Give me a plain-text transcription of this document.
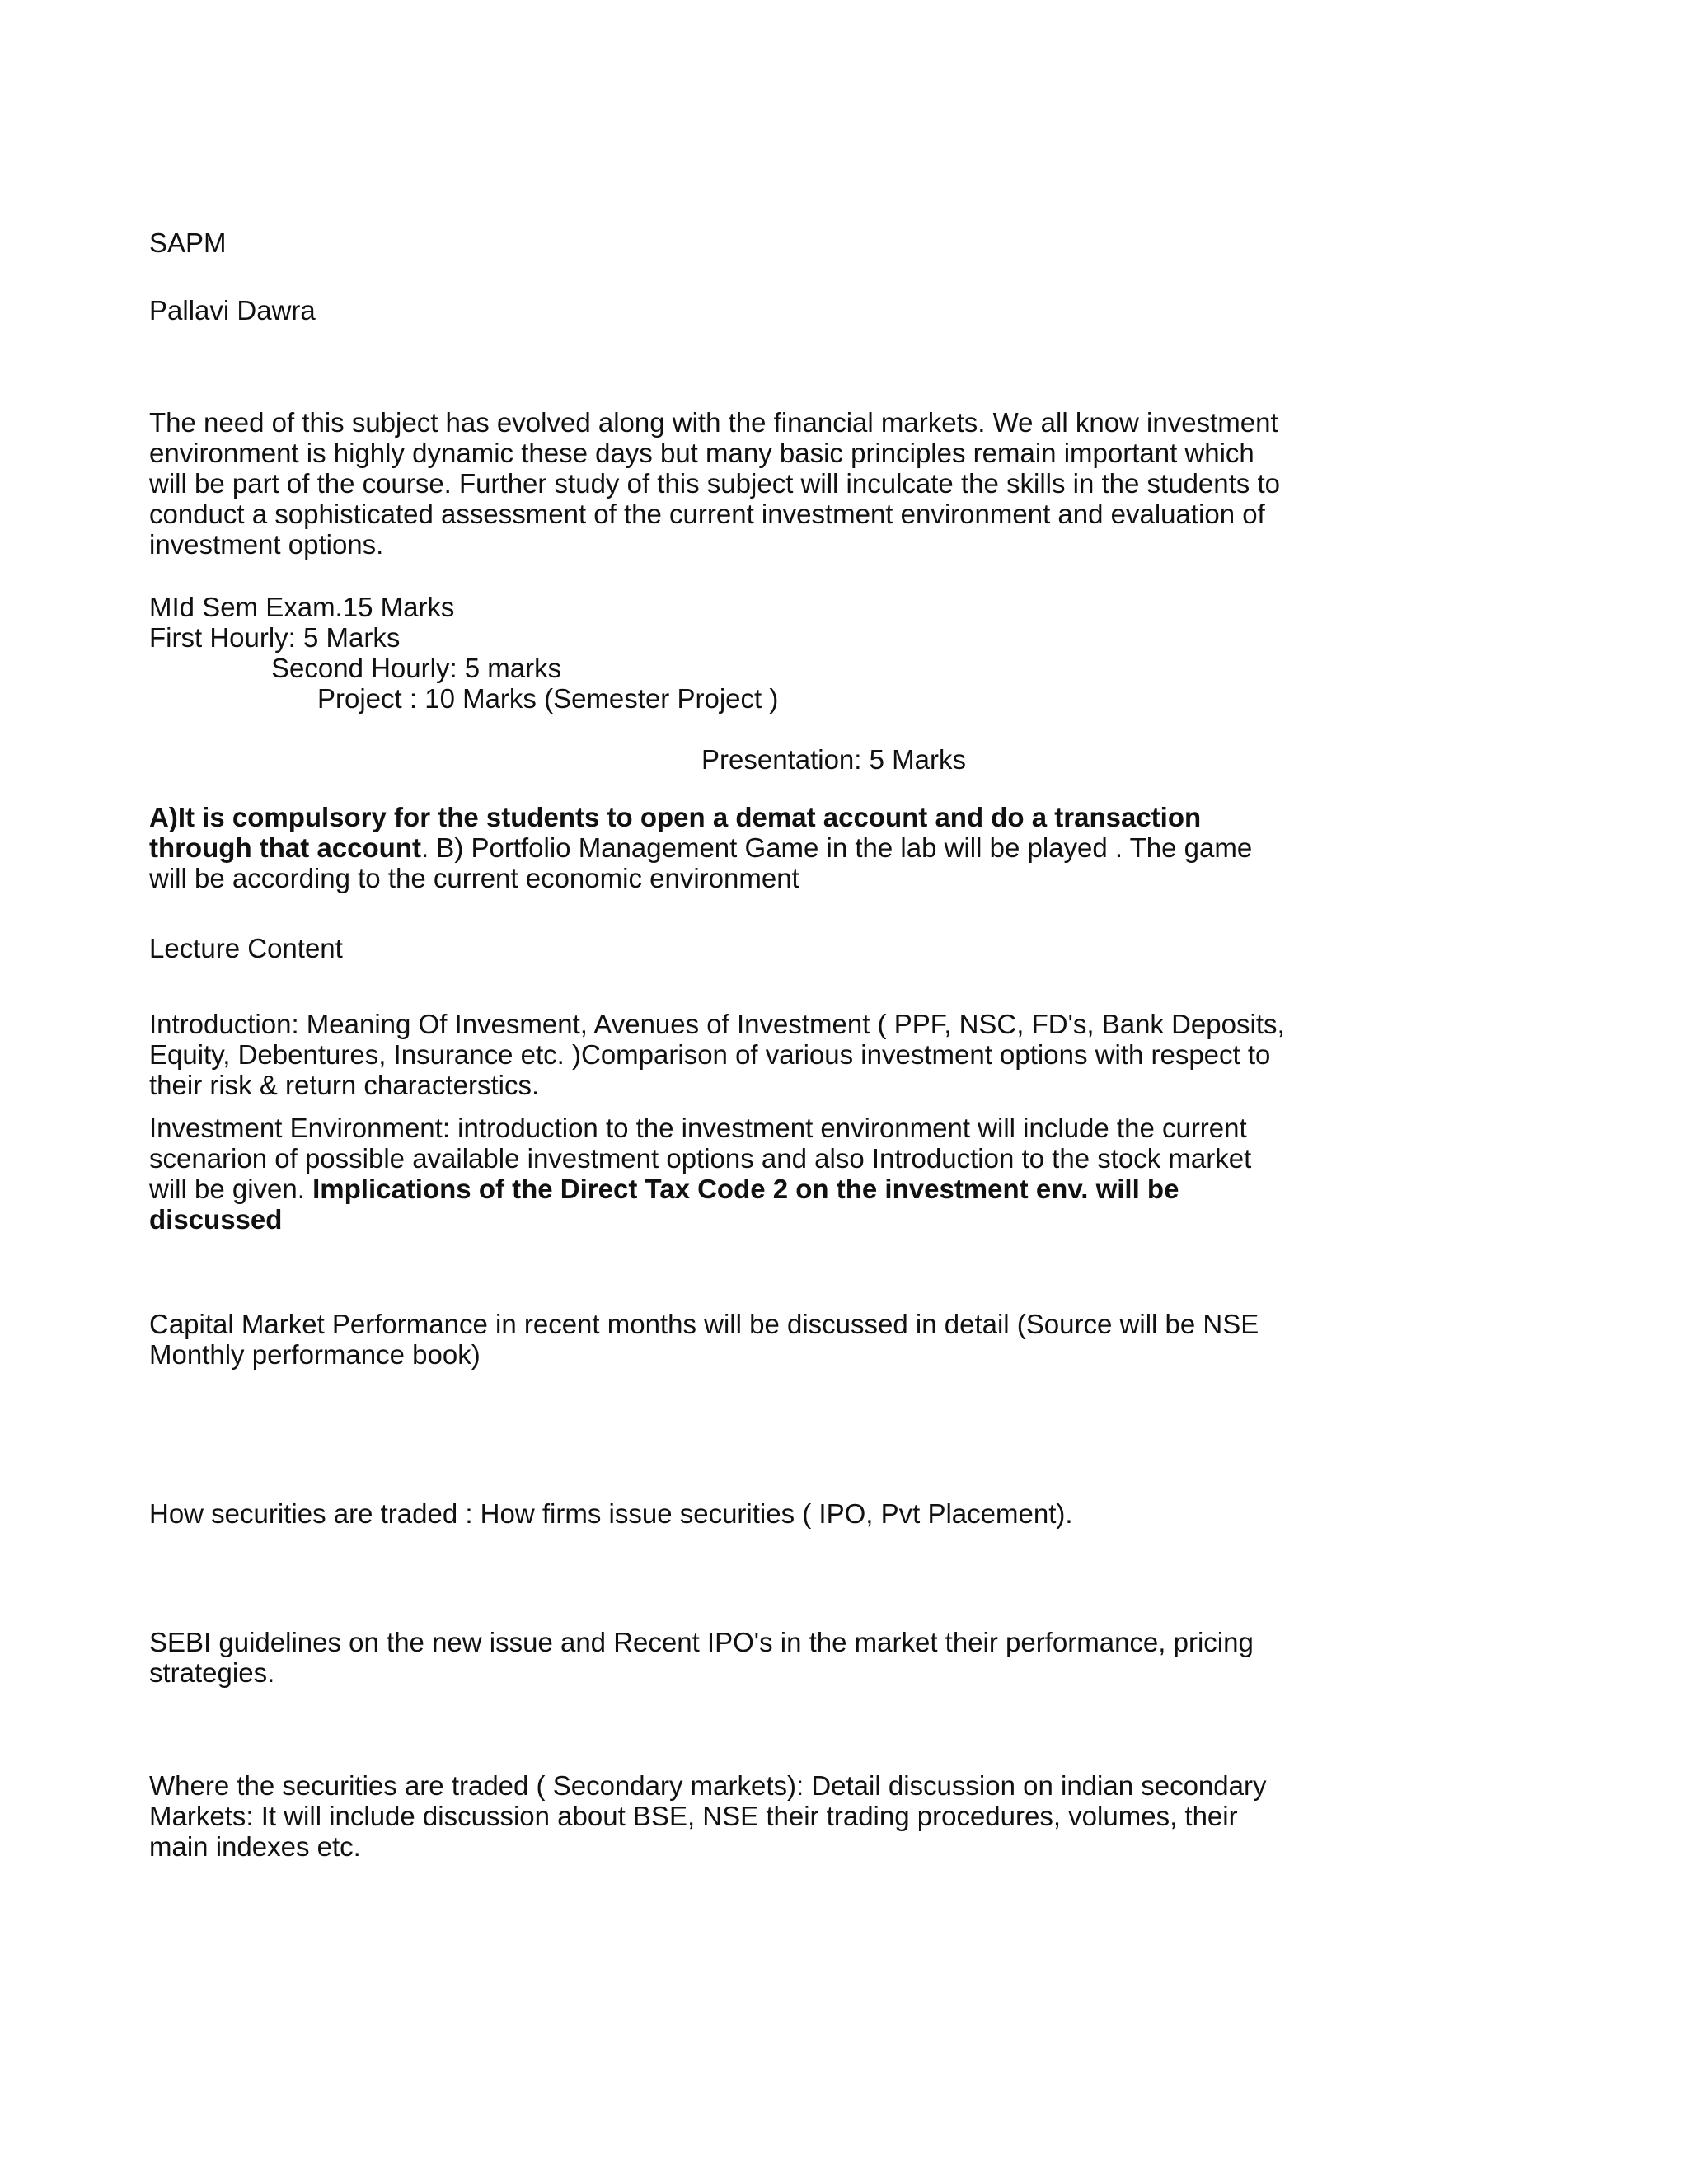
SAPM

Pallavi Dawra

The need of this subject has evolved along with the financial markets. We all know investment environment is highly dynamic these days but many basic principles remain important which will be part of the course. Further study of this subject will inculcate the skills in the students to conduct a sophisticated assessment of the current investment environment and evaluation of investment options.

MId Sem Exam.15 Marks

First Hourly: 5 Marks

Second Hourly: 5 marks

Project : 10 Marks (Semester Project )

Presentation: 5 Marks

A)It is compulsory for the students to open a demat account and do a transaction through that account. B) Portfolio Management Game in the lab will be played . The game will be according to the current economic environment

Lecture Content

Introduction: Meaning Of Invesment, Avenues of Investment ( PPF, NSC, FD's, Bank Deposits, Equity, Debentures, Insurance etc. )Comparison of various investment options with respect to their risk & return characterstics.

Investment Environment: introduction to the investment environment will include the current scenarion of possible available investment options and also Introduction to the stock market will be given. Implications of the Direct Tax Code 2 on the investment env. will be discussed

Capital Market Performance in recent months will be discussed in detail (Source will be NSE Monthly performance book)

How securities are traded : How firms issue securities ( IPO, Pvt Placement).

SEBI guidelines on the new issue and Recent IPO's in the market their performance, pricing strategies.

Where the securities are traded ( Secondary markets): Detail discussion on indian secondary Markets: It will include discussion about BSE, NSE their trading procedures, volumes, their main indexes etc.
